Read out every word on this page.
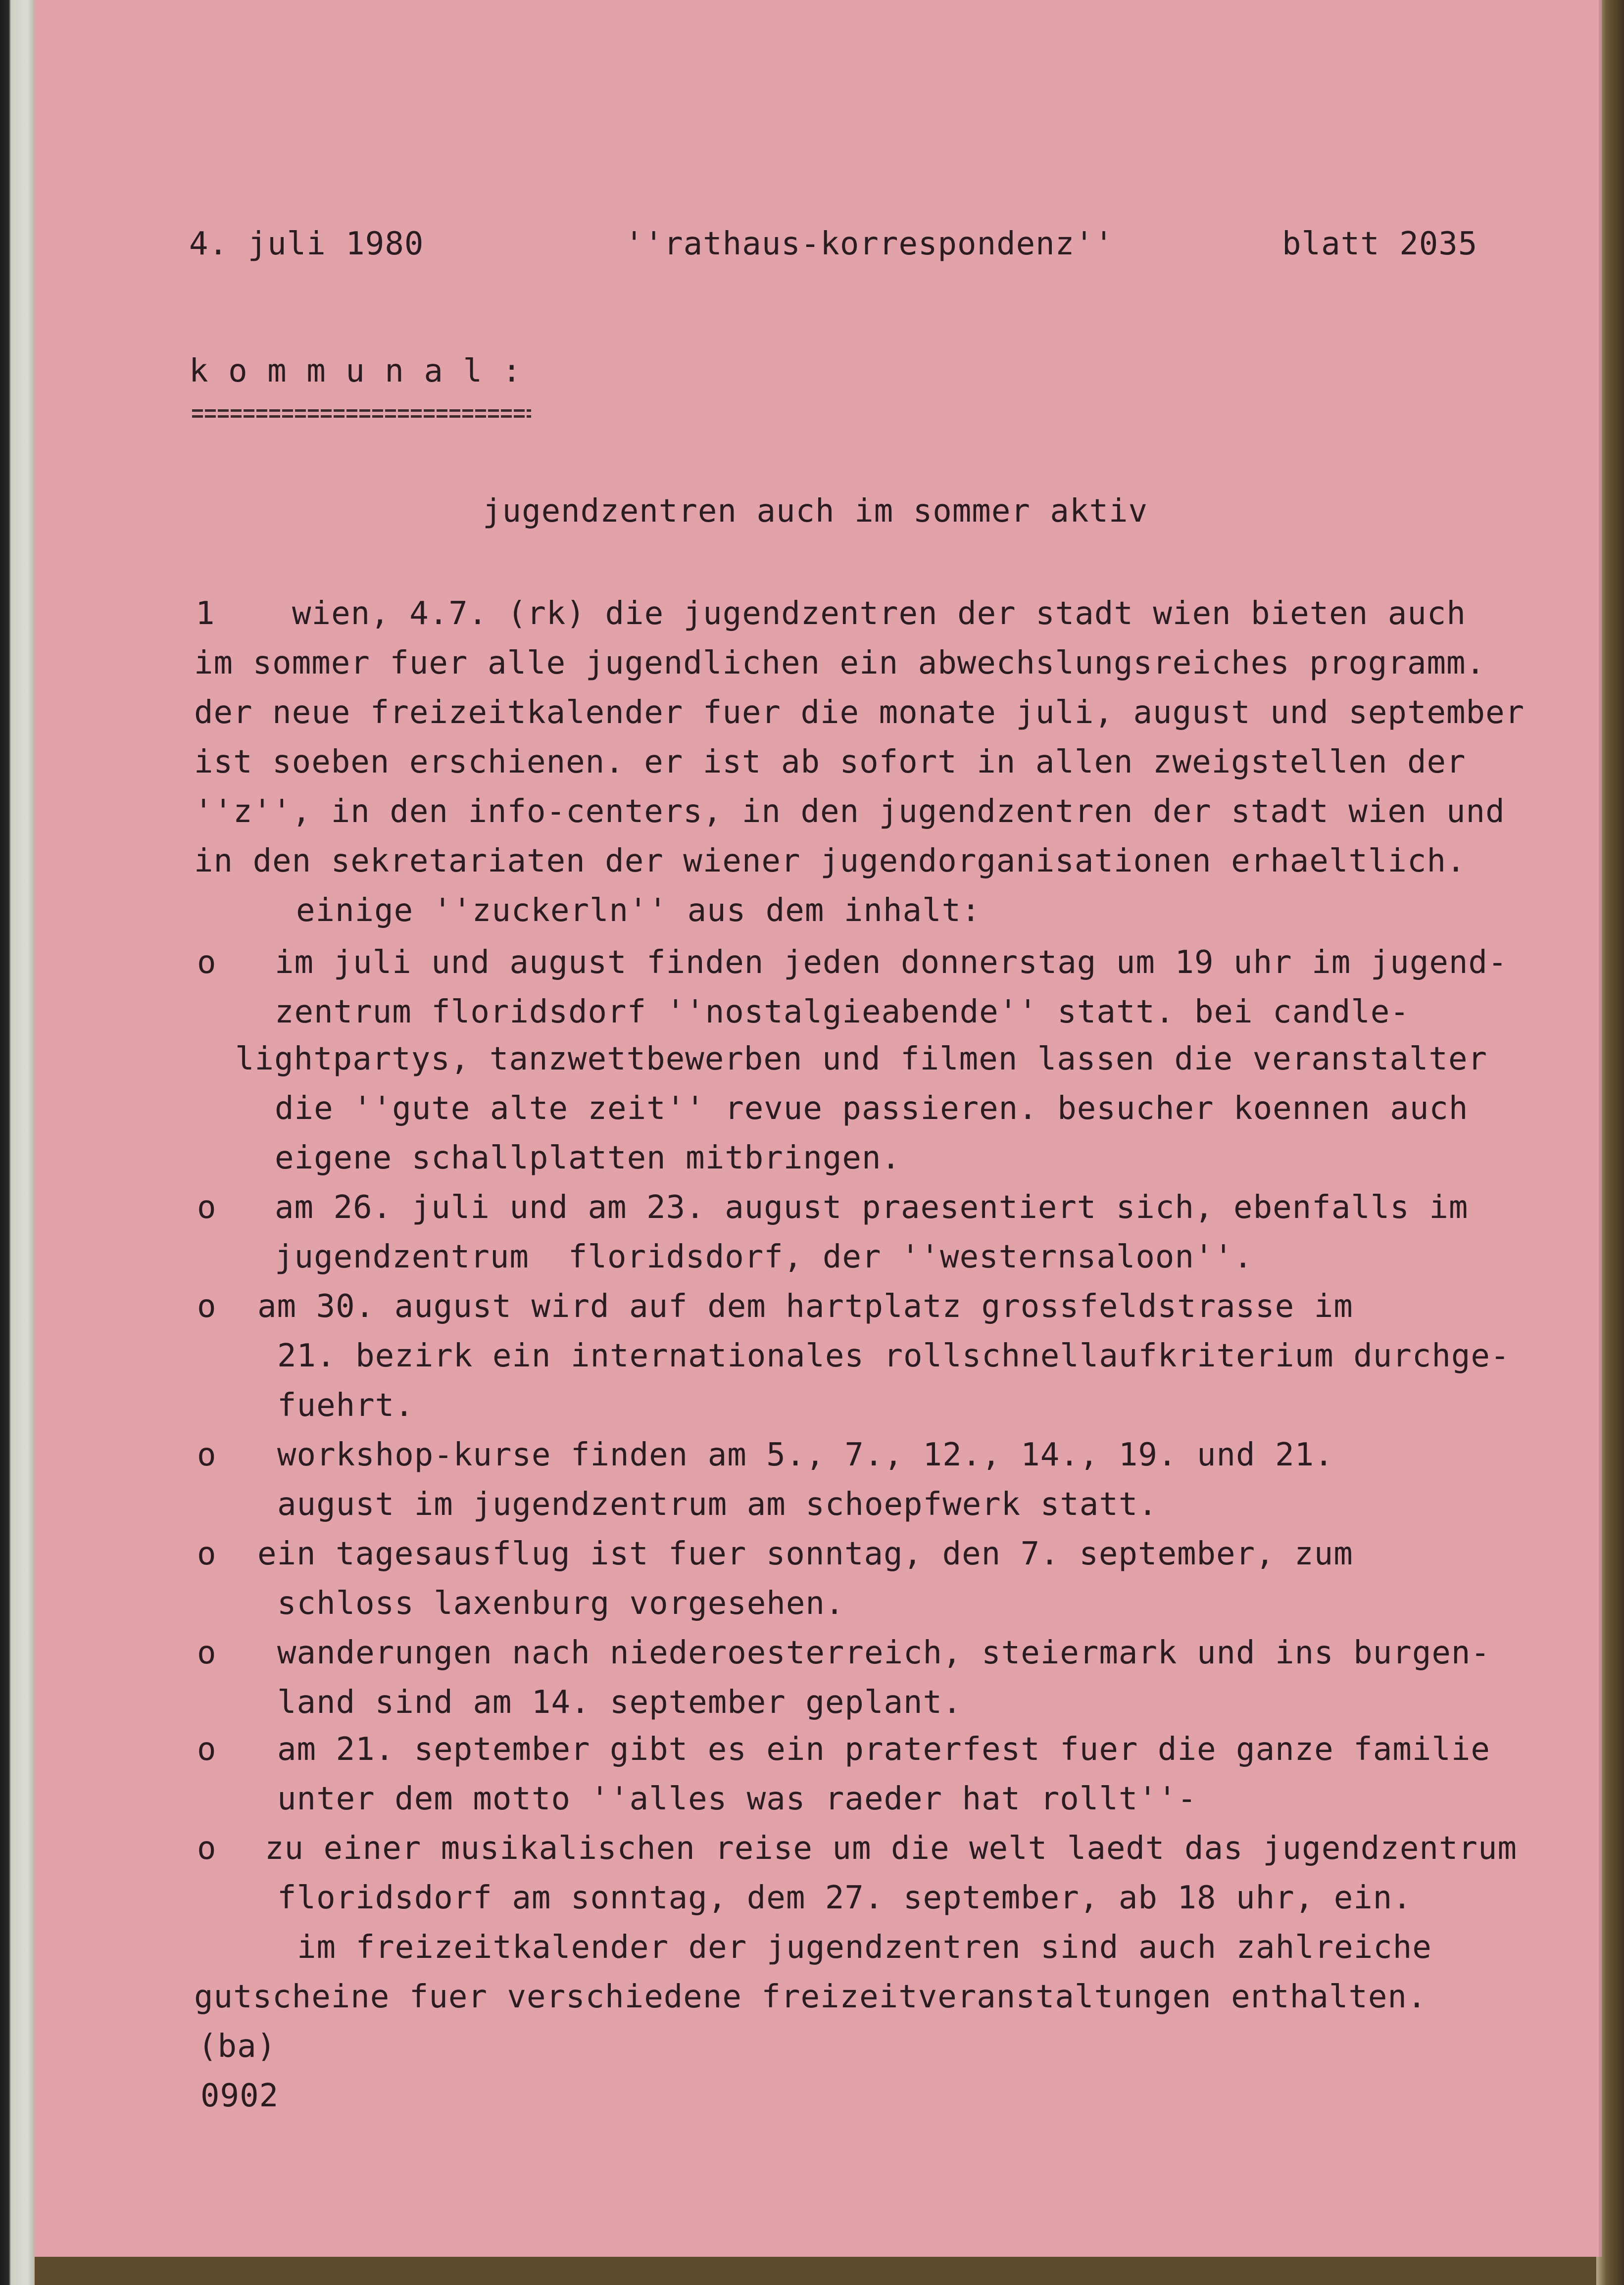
4. juli 1980	''rathaus-korrespondenz''	blatt 2035
k o m m u n a l :
jugendzentren auch im sommer aktiv
1 wien, 4.7. (rk) die jugendzentren der stadt wien bieten auch
im sommer fuer alle jugendlichen ein abwechslungsreiches programm.
der neue freizeitkalender fuer die monate juli, august und september
ist soeben erschienen. er ist ab sofort in allen zweigstellen der
''z'', in den info-centers, in den jugendzentren der stadt wien und
in den sekretariaten der wiener jugendorganisationen erhaeltlich.
einige ''zuckerln'' aus dem inhalt:
o im juli und august finden jeden donnerstag um 19 uhr im jugend-
zentrum floridsdorf ''nostalgieabende'' statt. bei candle-
lightpartys, tanzwettbewerben und filmen lassen die veranstalter
die ''gute alte zeit'' revue passieren. besucher koennen auch
eigene schallplatten mitbringen.
o am 26. juli und am 23. august praesentiert sich, ebenfalls im
jugendzentrum  floridsdorf, der ''westernsaloon''.
o am 30. august wird auf dem hartplatz grossfeldstrasse im
21. bezirk ein internationales rollschnellaufkriterium durchge-
fuehrt.
o workshop-kurse finden am 5., 7., 12., 14., 19. und 21.
august im jugendzentrum am schoepfwerk statt.
o ein tagesausflug ist fuer sonntag, den 7. september, zum
schloss laxenburg vorgesehen.
o wanderungen nach niederoesterreich, steiermark und ins burgen-
land sind am 14. september geplant.
o am 21. september gibt es ein praterfest fuer die ganze familie
unter dem motto ''alles was raeder hat rollt''-
o zu einer musikalischen reise um die welt laedt das jugendzentrum
floridsdorf am sonntag, dem 27. september, ab 18 uhr, ein.
im freizeitkalender der jugendzentren sind auch zahlreiche
gutscheine fuer verschiedene freizeitveranstaltungen enthalten.
(ba)
0902
